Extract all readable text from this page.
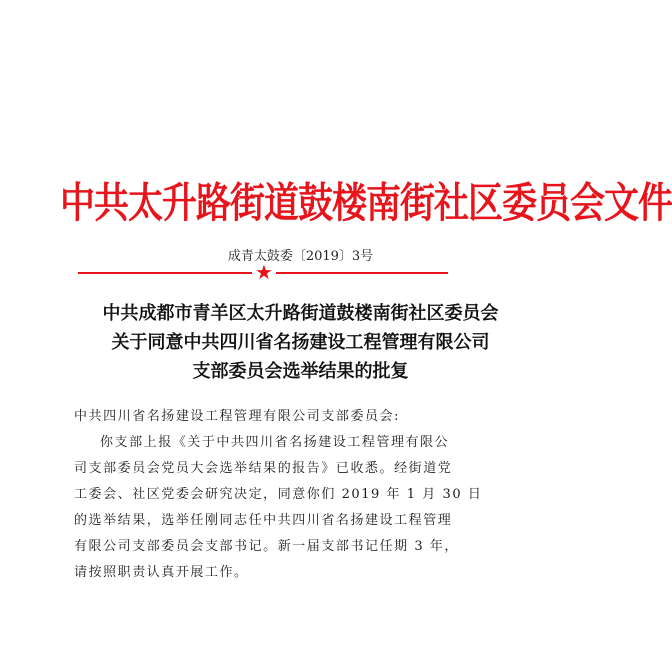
中共太升路街道鼓楼南街社区委员会文件
成青太鼓委〔2019〕3号
★
中共成都市青羊区太升路街道鼓楼南街社区委员会
关于同意中共四川省名扬建设工程管理有限公司
支部委员会选举结果的批复
中共四川省名扬建设工程管理有限公司支部委员会:
你支部上报《关于中共四川省名扬建设工程管理有限公
司支部委员会党员大会选举结果的报告》已收悉。经街道党
工委会、社区党委会研究决定，同意你们 2019 年 1 月 30 日
的选举结果，选举任刚同志任中共四川省名扬建设工程管理
有限公司支部委员会支部书记。新一届支部书记任期 3 年，
请按照职责认真开展工作。
